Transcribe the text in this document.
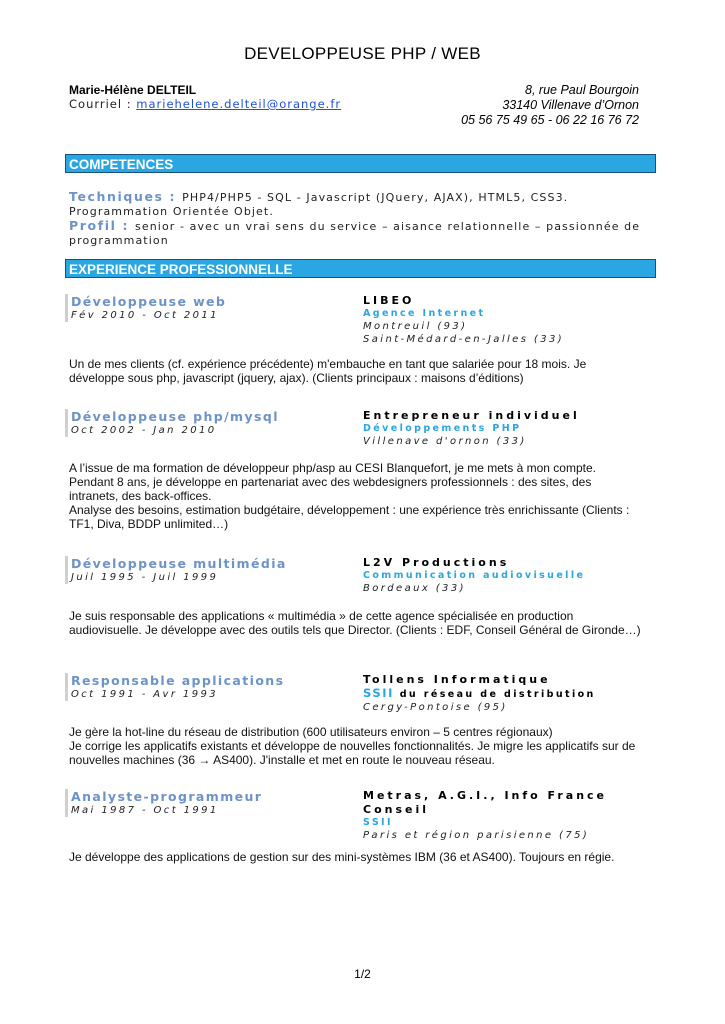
DEVELOPPEUSE PHP / WEB
Marie-Hélène DELTEIL
Courriel : mariehelene.delteil@orange.fr
8, rue Paul Bourgoin
33140 Villenave d’Ornon
05 56 75 49 65 - 06 22 16 76 72
COMPETENCES
Techniques : PHP4/PHP5 - SQL - Javascript (JQuery, AJAX), HTML5, CSS3. Programmation Orientée Objet.
Profil : senior - avec un vrai sens du service – aisance relationnelle – passionnée de programmation
EXPERIENCE PROFESSIONNELLE
Développeuse web
Fév 2010 - Oct 2011
LIBEO
Agence Internet
Montreuil (93)
Saint-Médard-en-Jalles (33)
Un de mes clients (cf. expérience précédente) m'embauche en tant que salariée pour 18 mois. Je développe sous php, javascript (jquery, ajax). (Clients principaux : maisons d’éditions)
Développeuse php/mysql
Oct 2002 - Jan 2010
Entrepreneur individuel
Développements PHP
Villenave d'ornon (33)
A l’issue de ma formation de développeur php/asp au CESI Blanquefort, je me mets à mon compte.
Pendant 8 ans, je développe en partenariat avec des webdesigners professionnels : des sites, des intranets, des back-offices.
Analyse des besoins, estimation budgétaire, développement : une expérience très enrichissante (Clients : TF1, Diva, BDDP unlimited…)
Développeuse multimédia
Juil 1995 - Juil 1999
L2V Productions
Communication audiovisuelle
Bordeaux (33)
Je suis responsable des applications « multimédia » de cette agence spécialisée en production audiovisuelle. Je développe avec des outils tels que Director. (Clients : EDF, Conseil Général de Gironde…)
Responsable applications
Oct 1991 - Avr 1993
Tollens Informatique
SSII du réseau de distribution
Cergy-Pontoise (95)
Je gère la hot-line du réseau de distribution (600 utilisateurs environ – 5 centres régionaux)
Je corrige les applicatifs existants et développe de nouvelles fonctionnalités. Je migre les applicatifs sur de nouvelles machines (36 → AS400). J'installe et met en route le nouveau réseau.
Analyste-programmeur
Mai 1987 - Oct 1991
Metras, A.G.I., Info France Conseil
SSII
Paris et région parisienne (75)
Je développe des applications de gestion sur des mini-systèmes IBM (36 et AS400). Toujours en régie.
1/2
